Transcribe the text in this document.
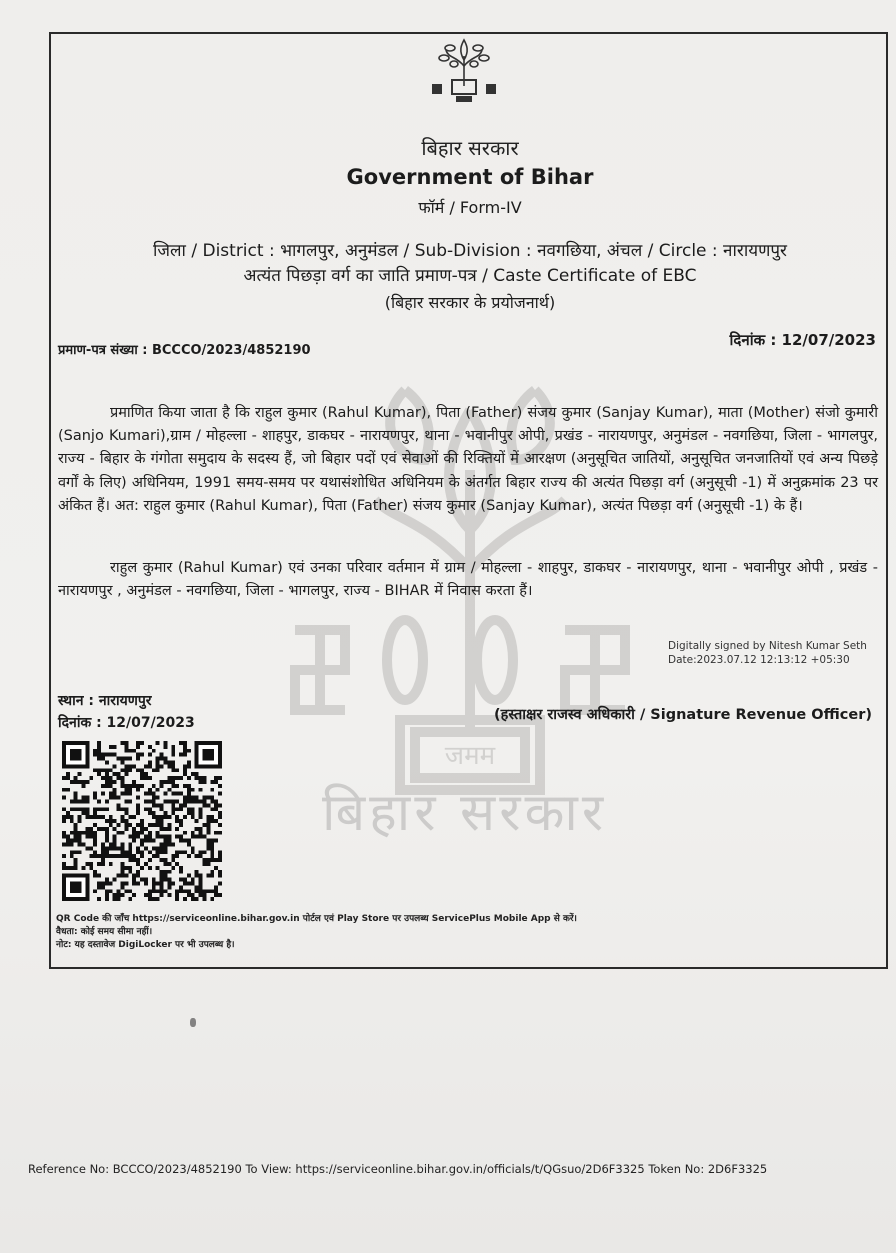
जमम
बिहार सरकार
बिहार सरकार
Government of Bihar
फॉर्म / Form-IV
जिला / District : भागलपुर, अनुमंडल / Sub-Division : नवगछिया, अंचल / Circle : नारायणपुर
अत्यंत पिछड़ा वर्ग का जाति प्रमाण-पत्र / Caste Certificate of EBC
(बिहार सरकार के प्रयोजनार्थ)
प्रमाण-पत्र संख्या : BCCCO/2023/4852190
दिनांक : 12/07/2023
प्रमाणित किया जाता है कि राहुल कुमार (Rahul Kumar), पिता (Father) संजय कुमार (Sanjay Kumar), माता (Mother) संजो कुमारी (Sanjo Kumari),ग्राम / मोहल्ला - शाहपुर, डाकघर - नारायणपुर, थाना - भवानीपुर ओपी, प्रखंड - नारायणपुर, अनुमंडल - नवगछिया, जिला - भागलपुर, राज्य - बिहार के गंगोता समुदाय के सदस्य हैं, जो बिहार पदों एवं सेवाओं की रिक्तियों में आरक्षण (अनुसूचित जातियों, अनुसूचित जनजातियों एवं अन्य पिछड़े वर्गों के लिए) अधिनियम, 1991 समय-समय पर यथासंशोधित अधिनियम के अंतर्गत बिहार राज्य की अत्यंत पिछड़ा वर्ग (अनुसूची -1) में अनुक्रमांक 23 पर अंकित हैं। अत: राहुल कुमार (Rahul Kumar), पिता (Father) संजय कुमार (Sanjay Kumar), अत्यंत पिछड़ा वर्ग (अनुसूची -1) के हैं।
राहुल कुमार (Rahul Kumar) एवं उनका परिवार वर्तमान में ग्राम / मोहल्ला - शाहपुर, डाकघर - नारायणपुर, थाना - भवानीपुर ओपी , प्रखंड - नारायणपुर , अनुमंडल - नवगछिया, जिला - भागलपुर, राज्य - BIHAR में निवास करता हैं।
Digitally signed by Nitesh Kumar Seth
Date:2023.07.12 12:13:12 +05:30
स्थान : नारायणपुर
दिनांक : 12/07/2023	(हस्ताक्षर राजस्व अधिकारी / Signature Revenue Officer)
QR Code की जाँच https://serviceonline.bihar.gov.in पोर्टल एवं Play Store पर उपलब्ध ServicePlus Mobile App से करें।
वैधता: कोई समय सीमा नहीं।
नोट: यह दस्तावेज DigiLocker पर भी उपलब्ध है।
Reference No: BCCCO/2023/4852190 To View: https://serviceonline.bihar.gov.in/officials/t/QGsuo/2D6F3325 Token No: 2D6F3325
